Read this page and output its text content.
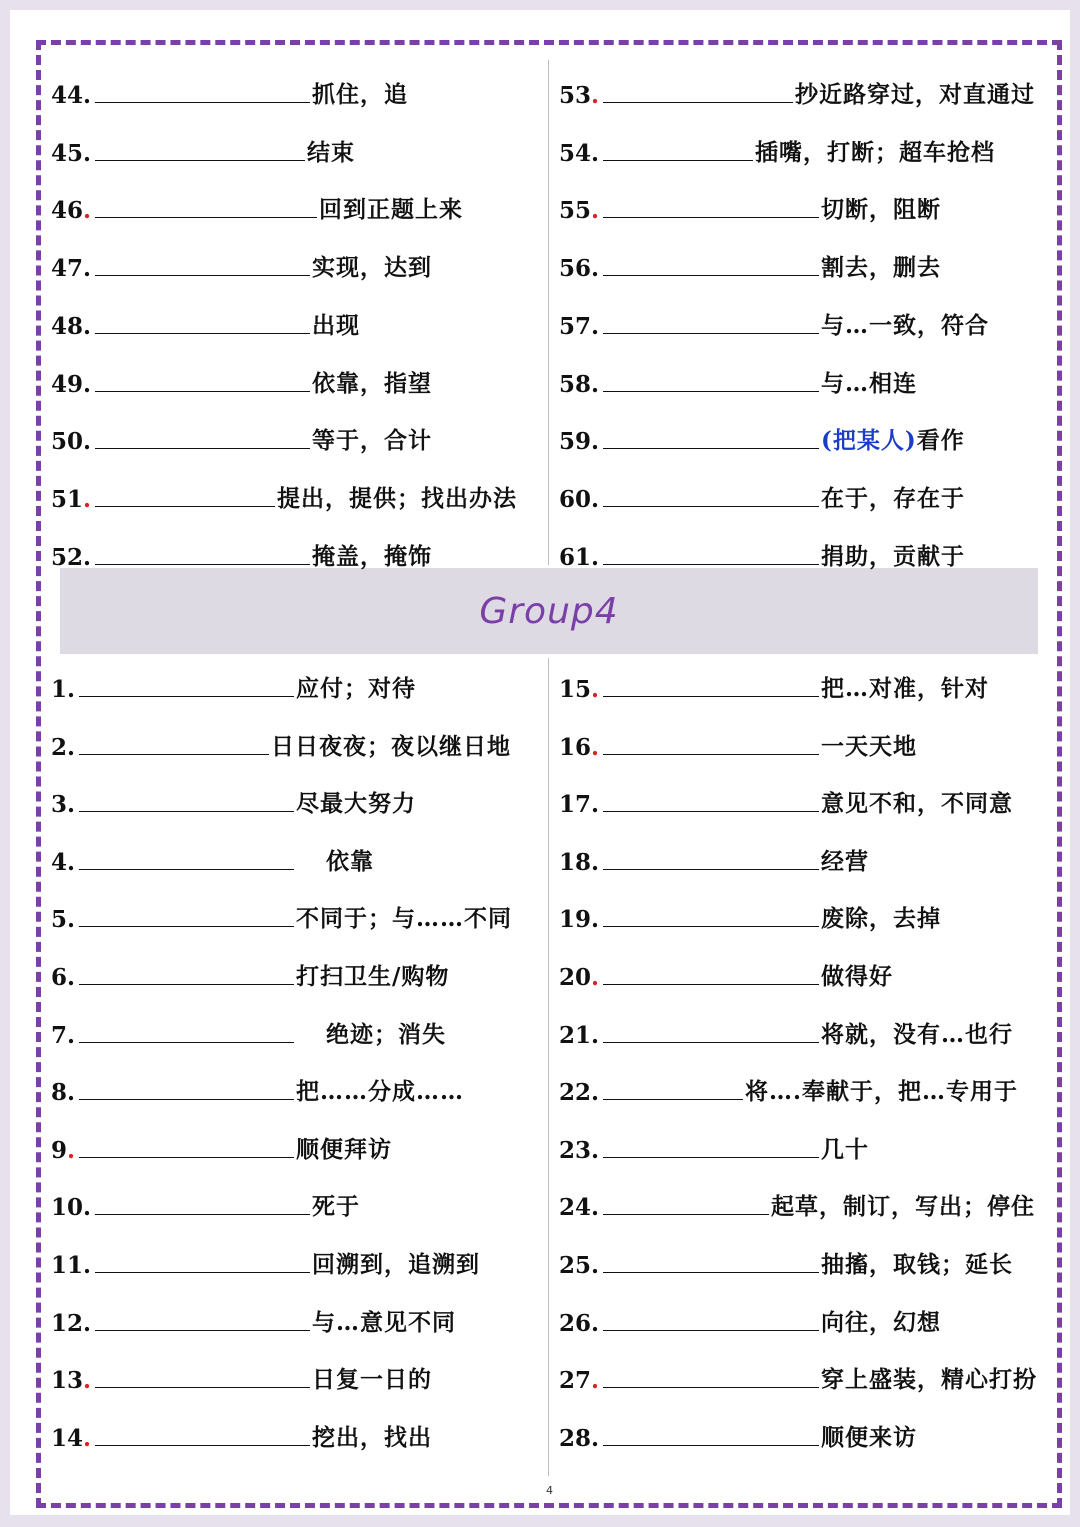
Group4
44 .	抓住，追
45 .	结束
46 .	回到正题上来
47 .	实现，达到
48 .	出现
49 .	依靠，指望
50 .	等于，合计
51 .	提出，提供；找出办法
52 .	掩盖，掩饰
53 .	抄近路穿过，对直通过
54 .	插嘴，打断；超车抢档
55 .	切断，阻断
56 .	割去，删去
57 .	与…一致，符合
58 .	与…相连
59 .	(把某人)看作
60 .	在于，存在于
61 .	捐助，贡献于
1 .	应付；对待
2 .	日日夜夜；夜以继日地
3 .	尽最大努力
4 .	依靠
5 .	不同于；与……不同
6 .	打扫卫生/购物
7 .	绝迹；消失
8 .	把……分成……
9 .	顺便拜访
10 .	死于
11 .	回溯到，追溯到
12 .	与…意见不同
13 .	日复一日的
14 .	挖出，找出
15 .	把…对准，针对
16 .	一天天地
17 .	意见不和，不同意
18 .	经营
19 .	废除，去掉
20 .	做得好
21 .	将就，没有…也行
22 .	将….奉献于，把…专用于
23 .	几十
24 .	起草，制订，写出；停住
25 .	抽搐，取钱；延长
26 .	向往，幻想
27 .	穿上盛装，精心打扮
28 .	顺便来访
4
